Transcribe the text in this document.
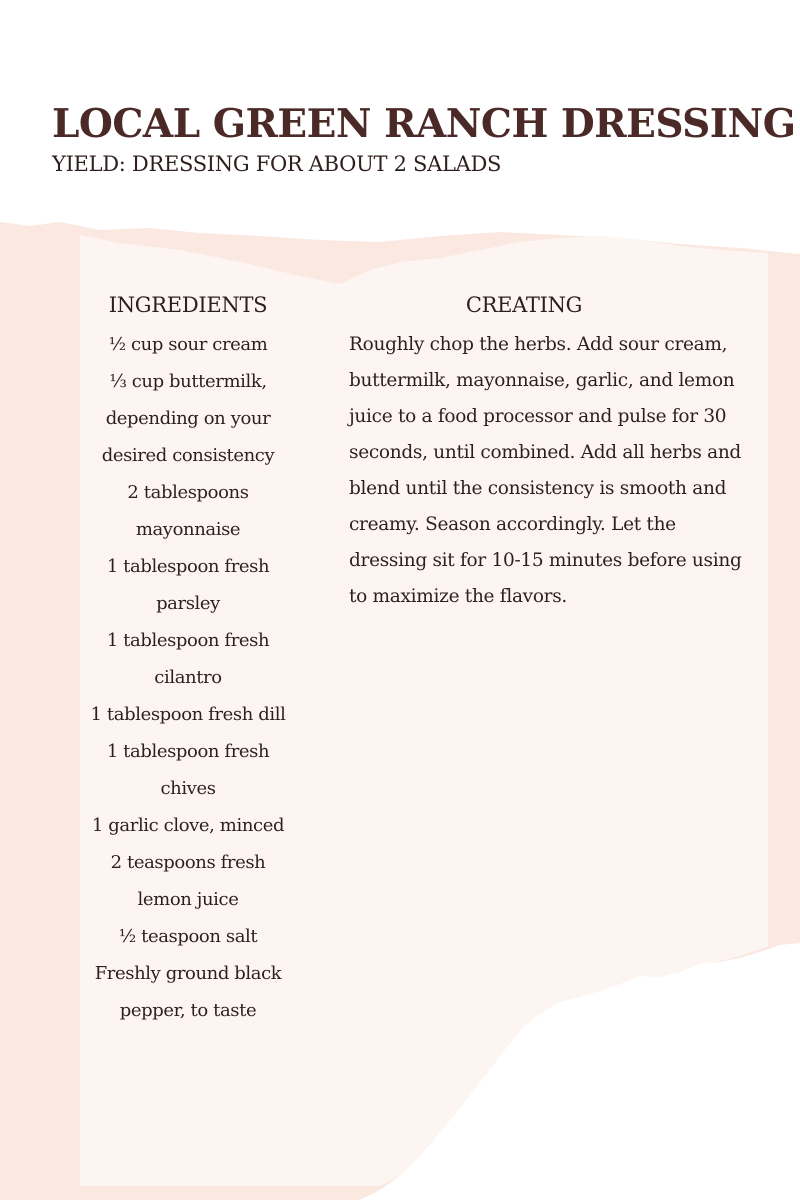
LOCAL GREEN RANCH DRESSING

YIELD: DRESSING FOR ABOUT 2 SALADS

INGREDIENTS	CREATING
½ cup sour cream
⅓ cup buttermilk, depending on your desired consistency
2 tablespoons mayonnaise
1 tablespoon fresh parsley
1 tablespoon fresh cilantro
1 tablespoon fresh dill
1 tablespoon fresh chives
1 garlic clove, minced
2 teaspoons fresh lemon juice
½ teaspoon salt
Freshly ground black pepper, to taste

Roughly chop the herbs. Add sour cream, buttermilk, mayonnaise, garlic, and lemon juice to a food processor and pulse for 30 seconds, until combined. Add all herbs and blend until the consistency is smooth and creamy. Season accordingly. Let the dressing sit for 10-15 minutes before using to maximize the flavors.
